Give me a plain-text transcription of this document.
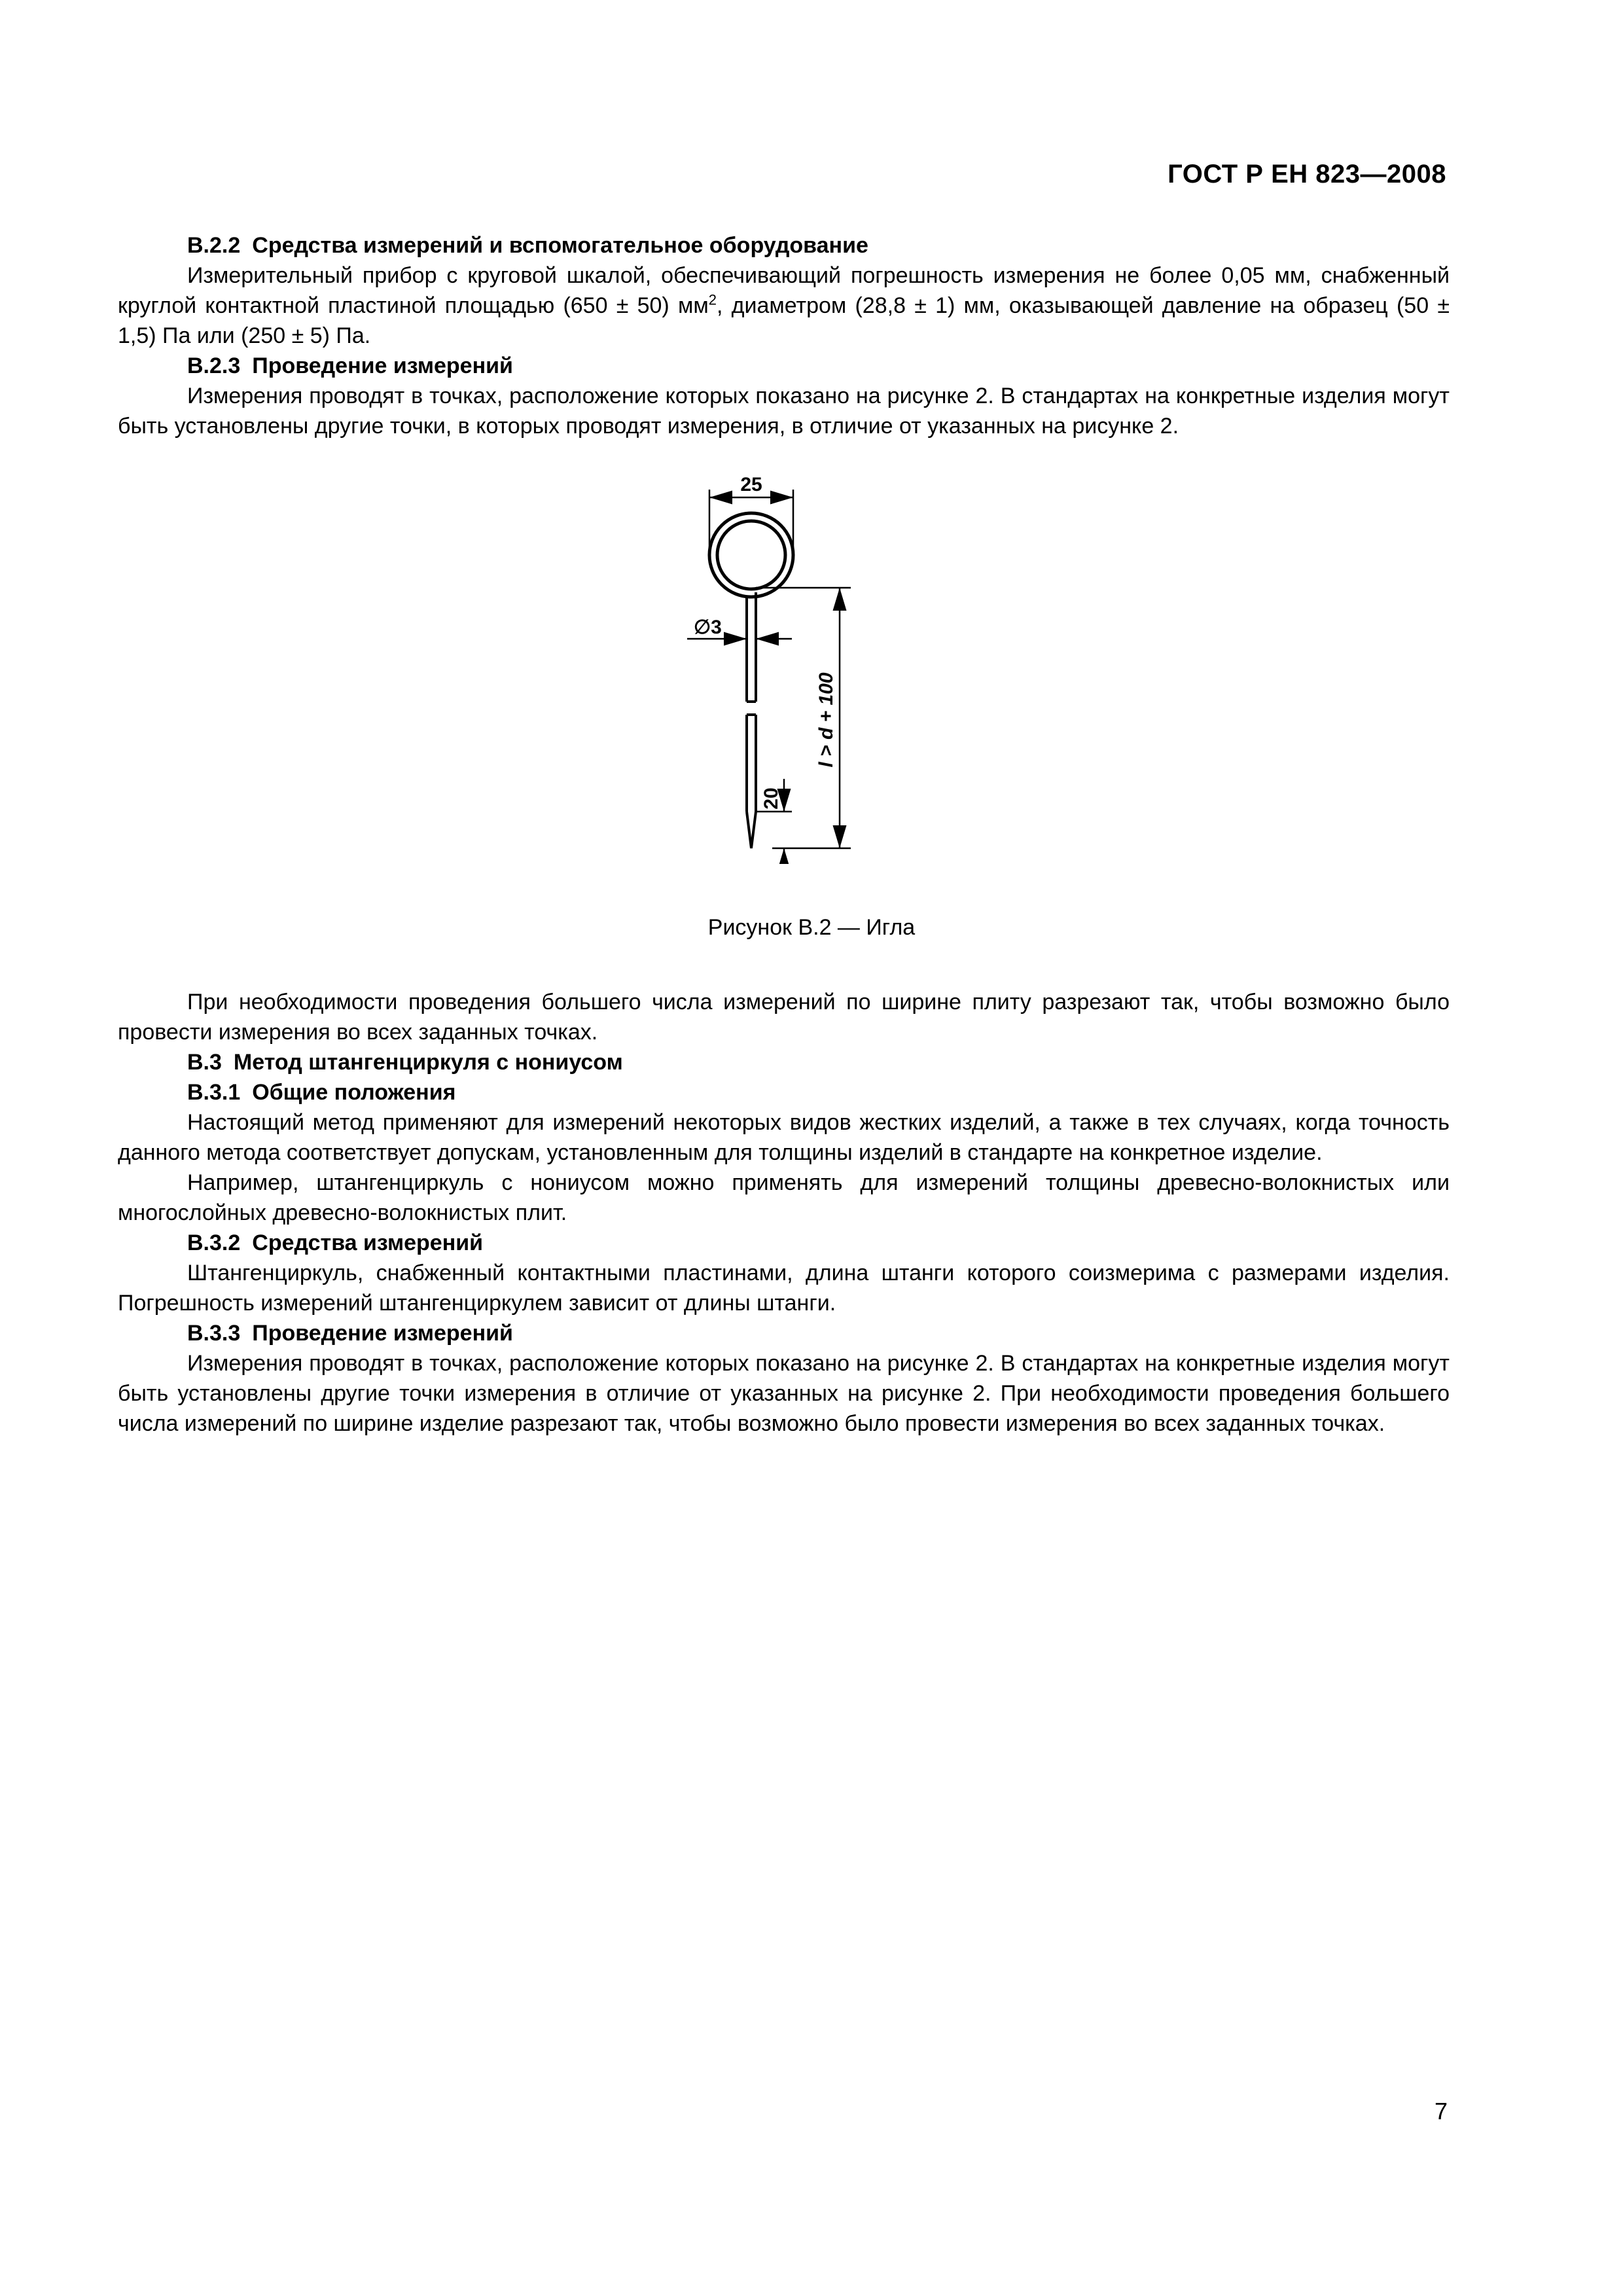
ГОСТ Р ЕН 823—2008
В.2.2 Средства измерений и вспомогательное оборудование

Измерительный прибор с круговой шкалой, обеспечивающий погрешность измерения не более 0,05 мм, снабженный круглой контактной пластиной площадью (650 ± 50) $мм^2$, диаметром (28,8 ± 1) мм, оказывающей давление на образец (50 ± 1,5) Па или (250 ± 5) Па.

В.2.3 Проведение измерений

Измерения проводят в точках, расположение которых показано на рисунке 2. В стандартах на конкретные изделия могут быть установлены другие точки, в которых проводят измерения, в отличие от указанных на рисунке 2.

25
∅3
l > d + 100
20
Рисунок В.2 — Игла

При необходимости проведения большего числа измерений по ширине плиту разрезают так, чтобы возможно было провести измерения во всех заданных точках.

В.3 Метод штангенциркуля с нониусом
В.3.1 Общие положения

Настоящий метод применяют для измерений некоторых видов жестких изделий, а также в тех случаях, когда точность данного метода соответствует допускам, установленным для толщины изделий в стандарте на конкретное изделие.

Например, штангенциркуль с нониусом можно применять для измерений толщины древесно-волокнистых или многослойных древесно-волокнистых плит.

В.3.2 Средства измерений

Штангенциркуль, снабженный контактными пластинами, длина штанги которого соизмерима с размерами изделия. Погрешность измерений штангенциркулем зависит от длины штанги.

В.3.3 Проведение измерений

Измерения проводят в точках, расположение которых показано на рисунке 2. В стандартах на конкретные изделия могут быть установлены другие точки измерения в отличие от указанных на рисунке 2. При необходимости проведения большего числа измерений по ширине изделие разрезают так, чтобы возможно было провести измерения во всех заданных точках.

7
